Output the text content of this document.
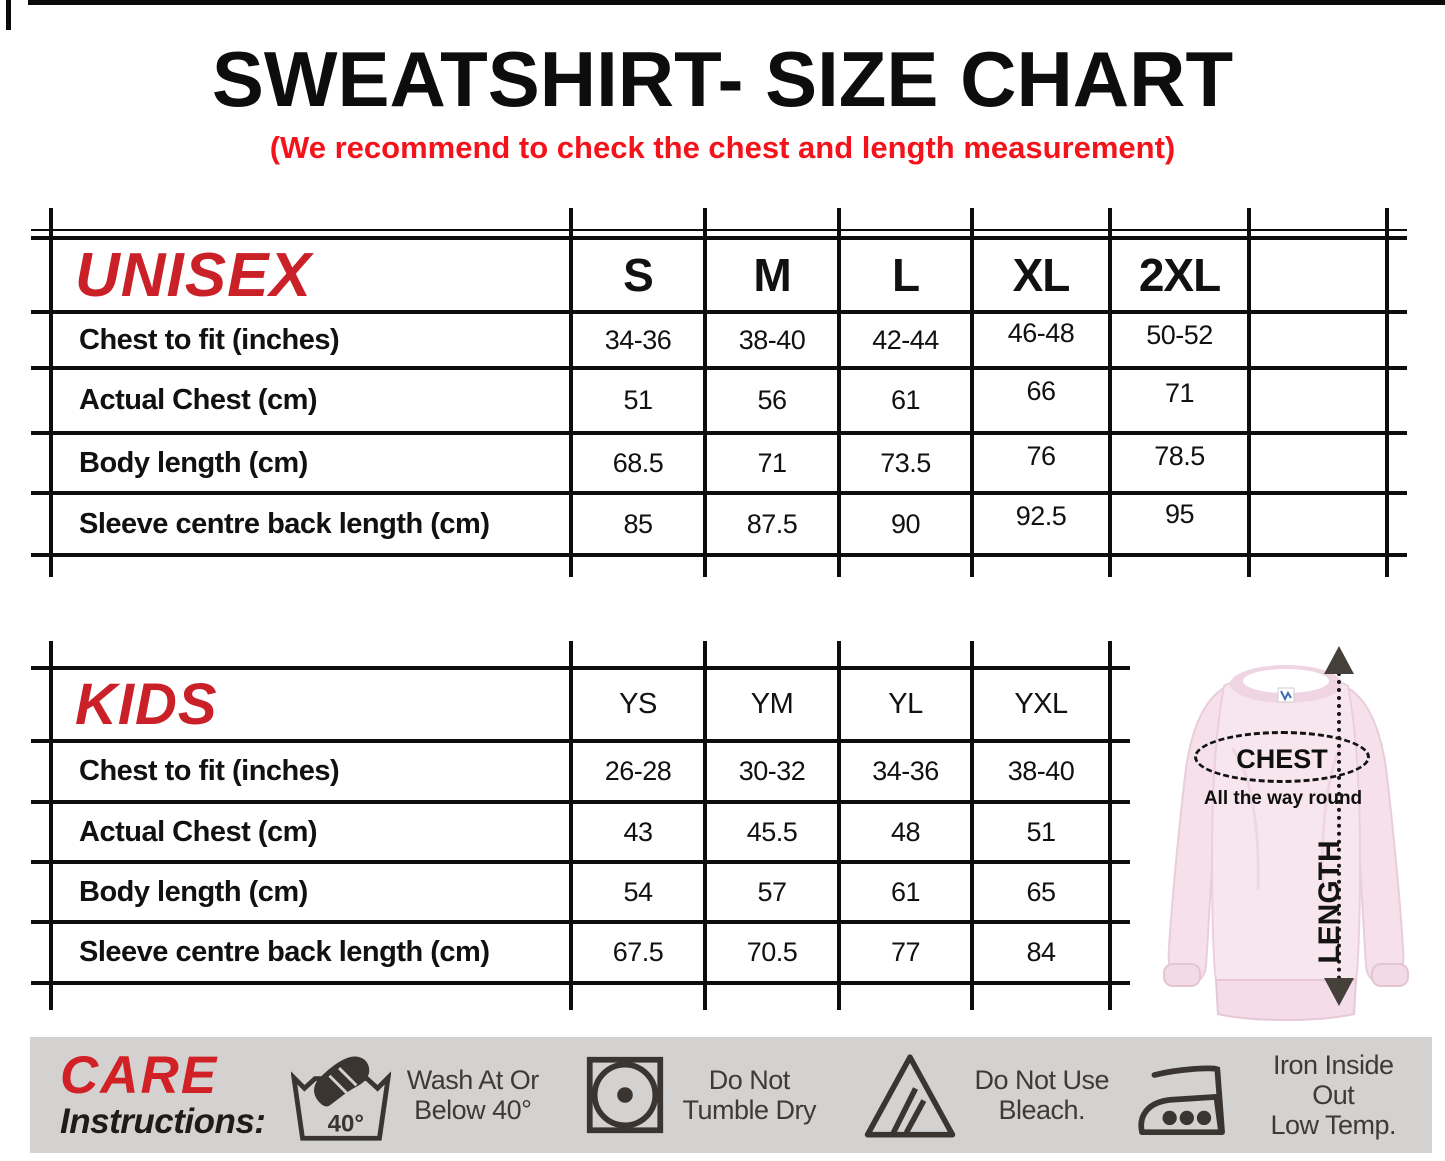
SWEATSHIRT- SIZE CHART
(We recommend to check the chest and length measurement)
UNISEX	S	M	L	XL	2XL
Chest to fit (inches)	34-36	38-40	42-44	46-48	50-52
Actual Chest (cm)	51	56	61	66	71
Body length (cm)	68.5	71	73.5	76	78.5
Sleeve centre back length (cm)	85	87.5	90	92.5	95
KIDS	YS	YM	YL	YXL
Chest to fit (inches)	26-28	30-32	34-36	38-40
Actual Chest (cm)	43	45.5	48	51
Body length (cm)	54	57	61	65
Sleeve centre back length (cm)	67.5	70.5	77	84
CHEST
All the way round
LENGTH
CARE
Instructions: 40°
Wash At Or
Below 40°
Do Not
Tumble Dry
Do Not Use
Bleach.
Iron Inside Out
Low Temp.
